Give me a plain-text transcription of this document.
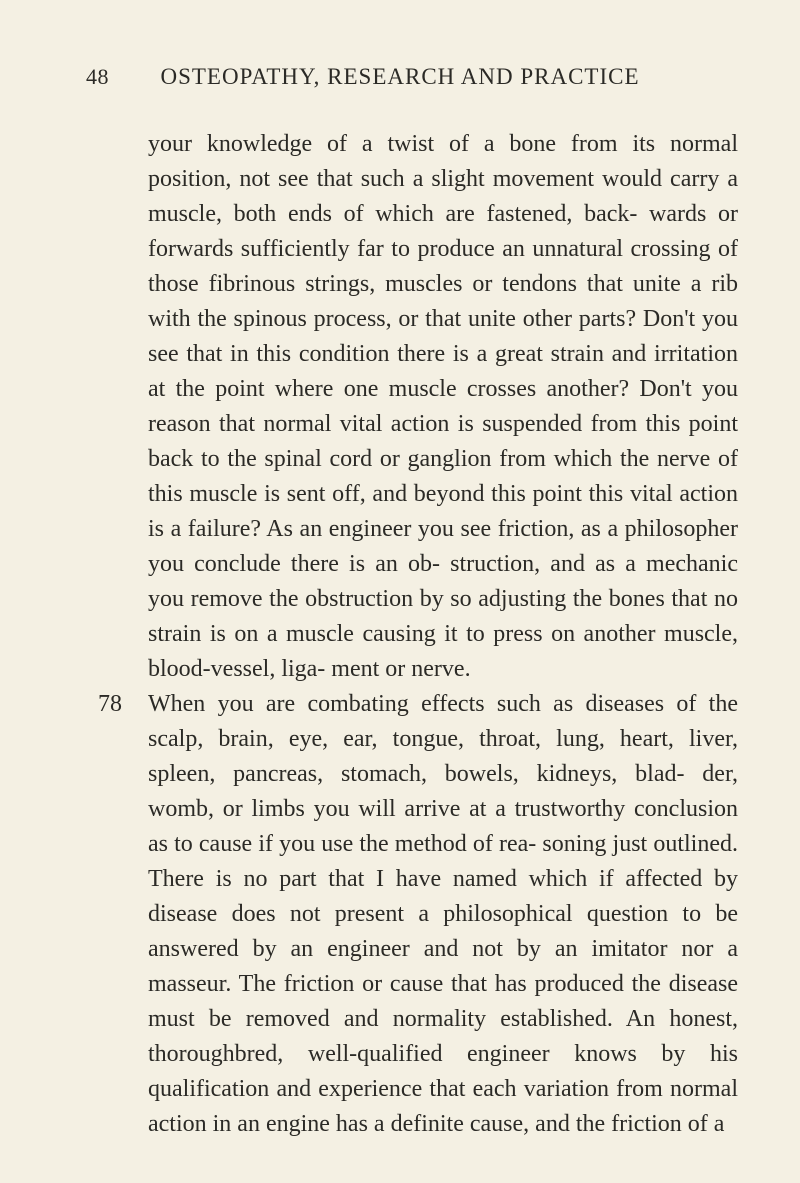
48	OSTEOPATHY, RESEARCH AND PRACTICE

your knowledge of a twist of a bone from its normal position, not see that such a slight movement would carry a muscle, both ends of which are fastened, back- wards or forwards sufficiently far to produce an unnatural crossing of those fibrinous strings, muscles or tendons that unite a rib with the spinous process, or that unite other parts? Don't you see that in this condition there is a great strain and irritation at the point where one muscle crosses another? Don't you reason that normal vital action is suspended from this point back to the spinal cord or ganglion from which the nerve of this muscle is sent off, and beyond this point this vital action is a failure? As an engineer you see friction, as a philosopher you conclude there is an ob- struction, and as a mechanic you remove the obstruction by so adjusting the bones that no strain is on a muscle causing it to press on another muscle, blood-vessel, liga- ment or nerve.

78 When you are combating effects such as diseases of the scalp, brain, eye, ear, tongue, throat, lung, heart, liver, spleen, pancreas, stomach, bowels, kidneys, blad- der, womb, or limbs you will arrive at a trustworthy conclusion as to cause if you use the method of rea- soning just outlined. There is no part that I have named which if affected by disease does not present a philosophical question to be answered by an engineer and not by an imitator nor a masseur. The friction or cause that has produced the disease must be removed and normality established. An honest, thoroughbred, well-qualified engineer knows by his qualification and experience that each variation from normal action in an engine has a definite cause, and the friction of a
